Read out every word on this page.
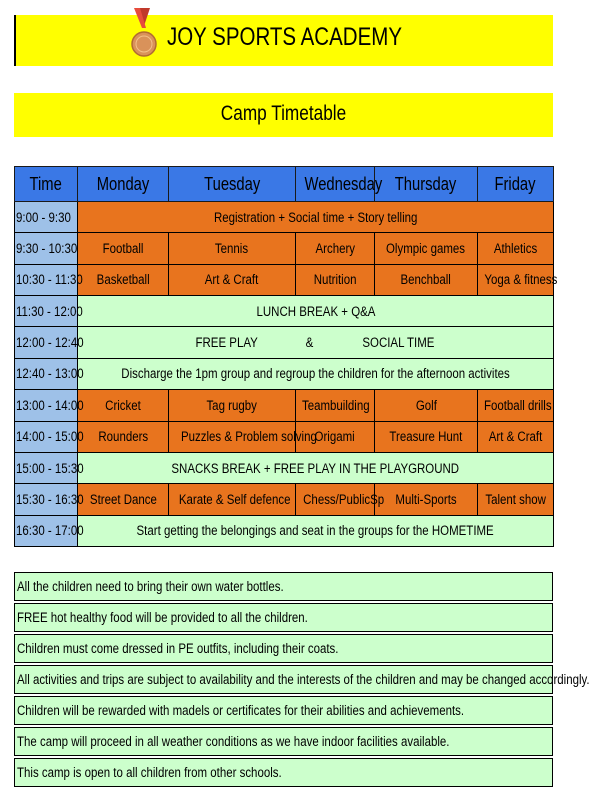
JOY SPORTS ACADEMY
Camp Timetable
Time	Monday	Tuesday	Wednesday	Thursday	Friday
9:00 - 9:30	Registration + Social time + Story telling				
9:30 - 10:30	Football	Tennis	Archery	Olympic games	Athletics
10:30 - 11:30	Basketball	Art & Craft	Nutrition	Benchball	Yoga & fitness
11:30 - 12:00	LUNCH BREAK + Q&A				
12:00 - 12:40	FREE PLAY & SOCIAL TIME				
12:40 - 13:00	Discharge the 1pm group and regroup the children for the afternoon activites				
13:00 - 14:00	Cricket	Tag rugby	Teambuilding	Golf	Football drills
14:00 - 15:00	Rounders	Puzzles & Problem solving	Origami	Treasure Hunt	Art & Craft
15:00 - 15:30	SNACKS BREAK + FREE PLAY IN THE PLAYGROUND				
15:30 - 16:30	Street Dance	Karate & Self defence	Chess/PublicSp	Multi-Sports	Talent show
16:30 - 17:00	Start getting the belongings and seat in the groups for the HOMETIME				
All the children need to bring their own water bottles.
FREE hot healthy food will be provided to all the children.
Children must come dressed in PE outfits, including their coats.
All activities and trips are subject to availability and the interests of the children and may be changed accordingly.
Children will be rewarded with madels or certificates for their abilities and achievements.
The camp will proceed in all weather conditions as we have indoor facilities available.
This camp is open to all children from other schools.
